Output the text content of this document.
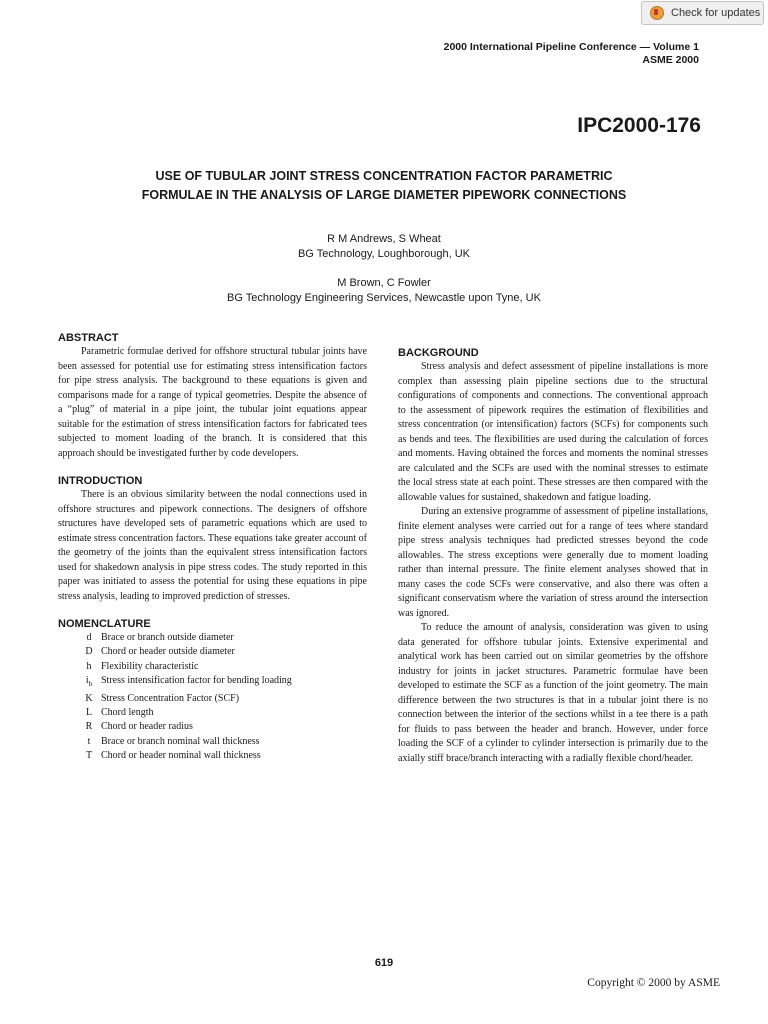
Check for updates
2000 International Pipeline Conference — Volume 1
ASME 2000
IPC2000-176
USE OF TUBULAR JOINT STRESS CONCENTRATION FACTOR PARAMETRIC
FORMULAE IN THE ANALYSIS OF LARGE DIAMETER PIPEWORK CONNECTIONS
R M Andrews, S Wheat
BG Technology, Loughborough, UK
M Brown, C Fowler
BG Technology Engineering Services, Newcastle upon Tyne, UK
ABSTRACT

Parametric formulae derived for offshore structural tubular joints have been assessed for potential use for estimating stress intensification factors for pipe stress analysis. The background to these equations is given and comparisons made for a range of typical geometries. Despite the absence of a “plug” of material in a pipe joint, the tubular joint equations appear suitable for the estimation of stress intensification factors for fabricated tees subjected to moment loading of the branch. It is considered that this approach should be investigated further by code developers.

INTRODUCTION

There is an obvious similarity between the nodal connections used in offshore structures and pipework connections. The designers of offshore structures have developed sets of parametric equations which are used to estimate stress concentration factors. These equations take greater account of the geometry of the joints than the equivalent stress intensification factors used for shakedown analysis in pipe stress codes. The study reported in this paper was initiated to assess the potential for using these equations in pipe stress analysis, leading to improved prediction of stresses.

NOMENCLATURE
d Brace or branch outside diameter
D Chord or header outside diameter
h Flexibility characteristic
$i_b$ Stress intensification factor for bending loading
K Stress Concentration Factor (SCF)
L Chord length
R Chord or header radius
t	Brace or branch nominal wall thickness
T Chord or header nominal wall thickness
BACKGROUND

Stress analysis and defect assessment of pipeline installations is more complex than assessing plain pipeline sections due to the structural configurations of components and connections. The conventional approach to the assessment of pipework requires the estimation of flexibilities and stress concentration (or intensification) factors (SCFs) for components such as bends and tees. The flexibilities are used during the calculation of forces and moments. Having obtained the forces and moments the nominal stresses are calculated and the SCFs are used with the nominal stresses to estimate the local stress state at each point. These stresses are then compared with the allowable values for sustained, shakedown and fatigue loading.

During an extensive programme of assessment of pipeline installations, finite element analyses were carried out for a range of tees where standard pipe stress analysis techniques had predicted stresses beyond the code allowables. The stress exceptions were generally due to moment loading rather than internal pressure. The finite element analyses showed that in many cases the code SCFs were conservative, and also there was often a significant conservatism where the variation of stress around the intersection was ignored.

To reduce the amount of analysis, consideration was given to using data generated for offshore tubular joints. Extensive experimental and analytical work has been carried out on similar geometries by the offshore industry for joints in jacket structures. Parametric formulae have been developed to estimate the SCF as a function of the joint geometry. The main difference between the two structures is that in a tubular joint there is no connection between the interior of the sections whilst in a tee there is a path for fluids to pass between the header and branch. However, under force loading the SCF of a cylinder to cylinder intersection is primarily due to the axially stiff brace/branch interacting with a radially flexible chord/header.

619
Copyright © 2000 by ASME
